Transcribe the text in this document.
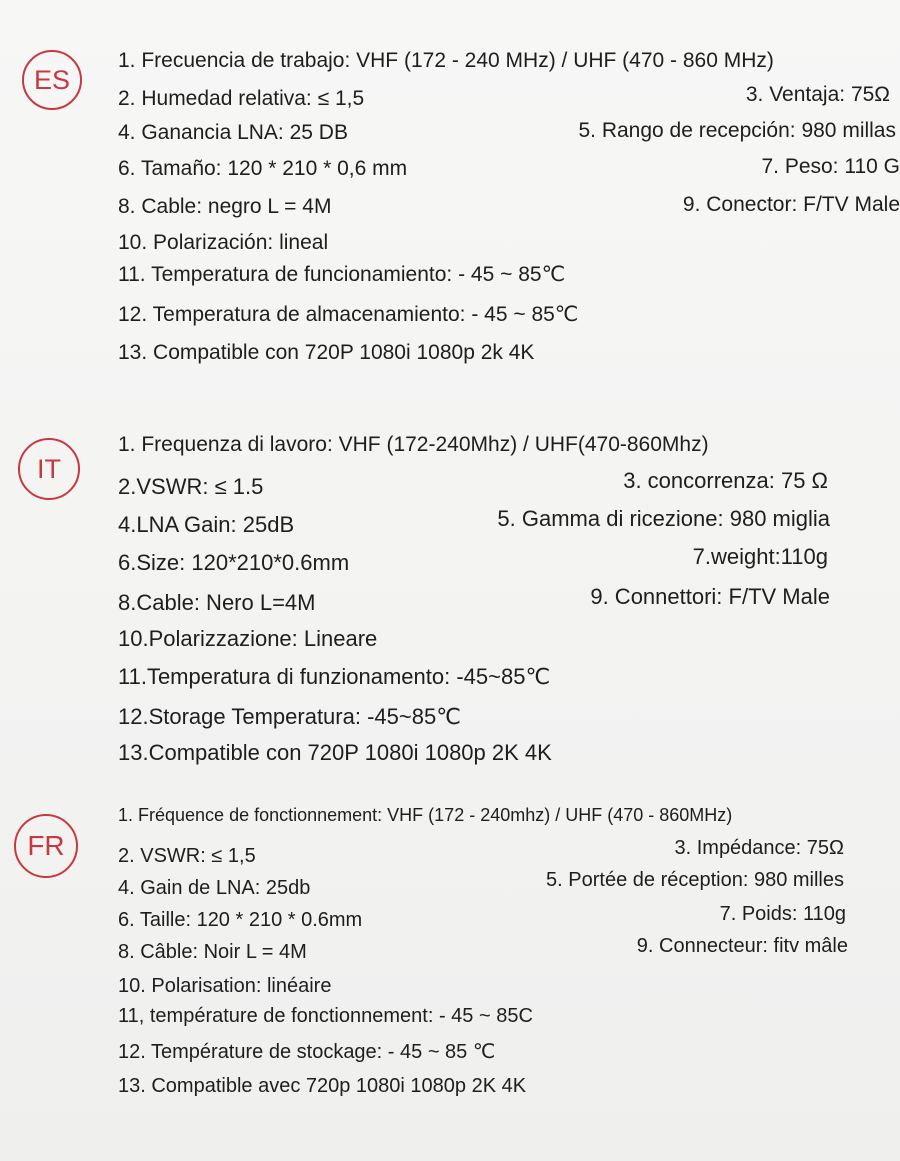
ES
1. Frecuencia de trabajo: VHF (172 - 240 MHz) / UHF (470 - 860 MHz)
2. Humedad relativa: ≤ 1,5	3. Ventaja: 75Ω
4. Ganancia LNA: 25 DB	5. Rango de recepción: 980 millas
6. Tamaño: 120 * 210 * 0,6 mm	7. Peso: 110 G
8. Cable: negro L = 4M	9. Conector: F/TV Male
10. Polarización: lineal
11. Temperatura de funcionamiento: - 45 ~ 85℃
12. Temperatura de almacenamiento: - 45 ~ 85℃
13. Compatible con 720P 1080i 1080p 2k 4K
IT
1. Frequenza di lavoro: VHF (172-240Mhz) / UHF(470-860Mhz)
2.VSWR: ≤ 1.5	3. concorrenza: 75 Ω
4.LNA Gain: 25dB	5. Gamma di ricezione: 980 miglia
6.Size: 120*210*0.6mm	7.weight:110g
8.Cable: Nero L=4M	9. Connettori: F/TV Male
10.Polarizzazione: Lineare
11.Temperatura di funzionamento: -45~85℃
12.Storage Temperatura: -45~85℃
13.Compatible con 720P 1080i 1080p 2K 4K
FR
1. Fréquence de fonctionnement: VHF (172 - 240mhz) / UHF (470 - 860MHz)
2. VSWR: ≤ 1,5	3. Impédance: 75Ω
4. Gain de LNA: 25db	5. Portée de réception: 980 milles
6. Taille: 120 * 210 * 0.6mm	7. Poids: 110g
8. Câble: Noir L = 4M	9. Connecteur: fitv mâle
10. Polarisation: linéaire
11, température de fonctionnement: - 45 ~ 85C
12. Température de stockage: - 45 ~ 85 ℃
13. Compatible avec 720p 1080i 1080p 2K 4K
